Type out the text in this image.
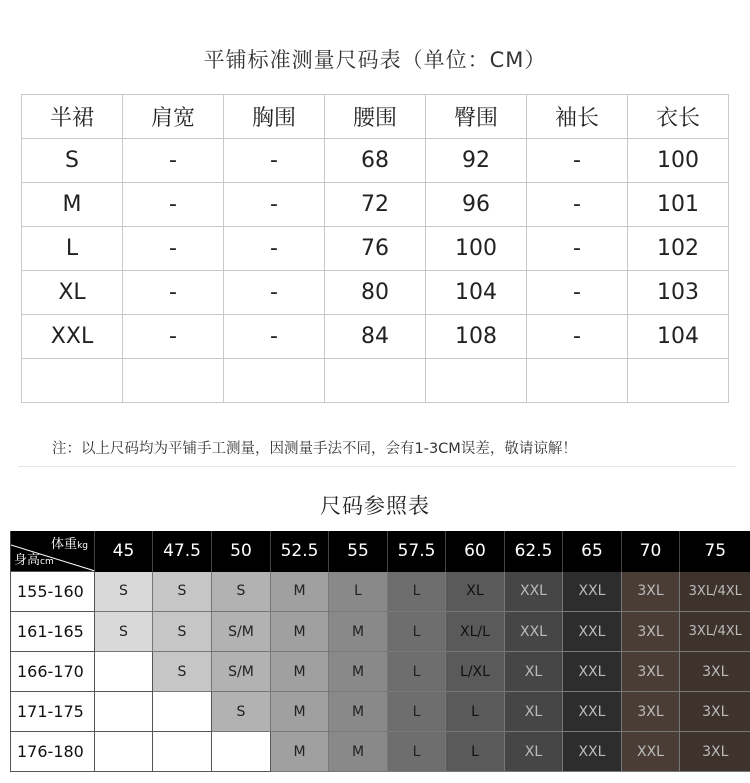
平铺标准测量尺码表（单位：CM）
半裙	肩宽	胸围	腰围	臀围	袖长	衣长
S	-	-	68	92	-	100
M	-	-	72	96	-	101
L	-	-	76	100	-	102
XL	-	-	80	104	-	103
XXL	-	-	84	108	-	104

注：以上尺码均为平铺手工测量，因测量手法不同，会有1-3CM误差，敬请谅解！
尺码参照表
体重kg
身高cm	45	47.5	50	52.5	55	57.5	60	62.5	65	70	75
155-160	S	S	S	M	L	L	XL	XXL	XXL	3XL	3XL/4XL
161-165	S	S	S/M	M	M	L	XL/L	XXL	XXL	3XL	3XL/4XL
166-170		S	S/M	M	M	L	L/XL	XL	XXL	3XL	3XL
171-175			S	M	M	L	L	XL	XXL	3XL	3XL
176-180				M	M	L	L	XL	XXL	XXL	3XL
